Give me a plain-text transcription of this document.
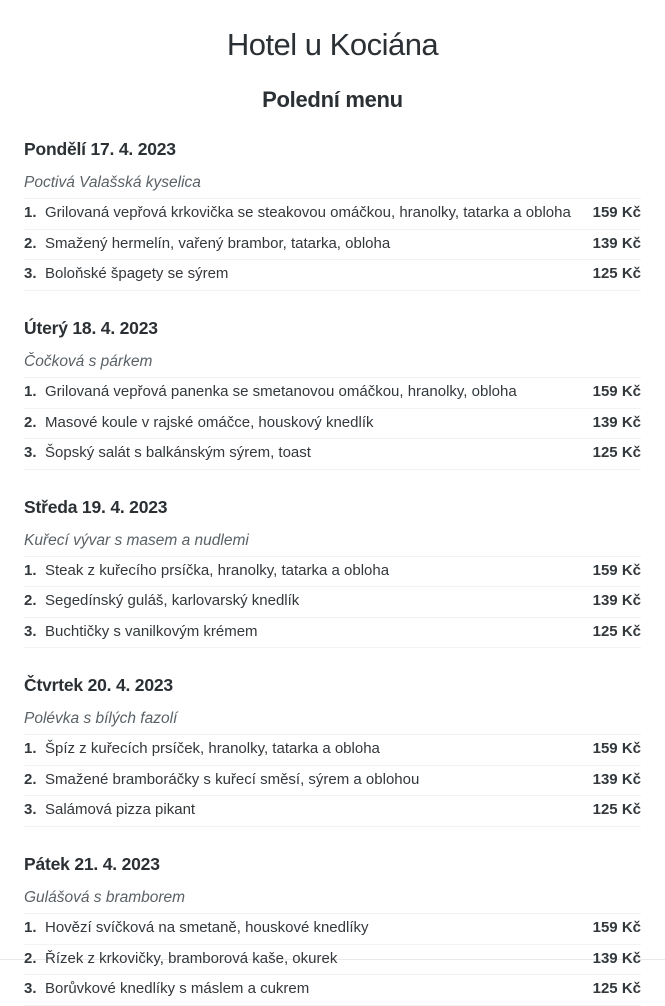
Hotel u Kociána
Polední menu
Pondělí 17. 4. 2023

Poctivá Valašská kyselica

1. Grilovaná vepřová krkovička se steakovou omáčkou, hranolky, tatarka a obloha	159 Kč
2. Smažený hermelín, vařený brambor, tatarka, obloha	139 Kč
3. Boloňské špagety se sýrem	125 Kč
Úterý 18. 4. 2023

Čočková s párkem

1. Grilovaná vepřová panenka se smetanovou omáčkou, hranolky, obloha	159 Kč
2. Masové koule v rajské omáčce, houskový knedlík	139 Kč
3. Šopský salát s balkánským sýrem, toast	125 Kč
Středa 19. 4. 2023

Kuřecí vývar s masem a nudlemi

1. Steak z kuřecího prsíčka, hranolky, tatarka a obloha	159 Kč
2. Segedínský guláš, karlovarský knedlík	139 Kč
3. Buchtičky s vanilkovým krémem	125 Kč
Čtvrtek 20. 4. 2023

Polévka s bílých fazolí

1. Špíz z kuřecích prsíček, hranolky, tatarka a obloha	159 Kč
2. Smažené bramboráčky s kuřecí směsí, sýrem a oblohou	139 Kč
3. Salámová pizza pikant	125 Kč
Pátek 21. 4. 2023

Gulášová s bramborem

1. Hovězí svíčková na smetaně, houskové knedlíky	159 Kč
2. Řízek z krkovičky, bramborová kaše, okurek	139 Kč
3. Borůvkové knedlíky s máslem a cukrem	125 Kč
